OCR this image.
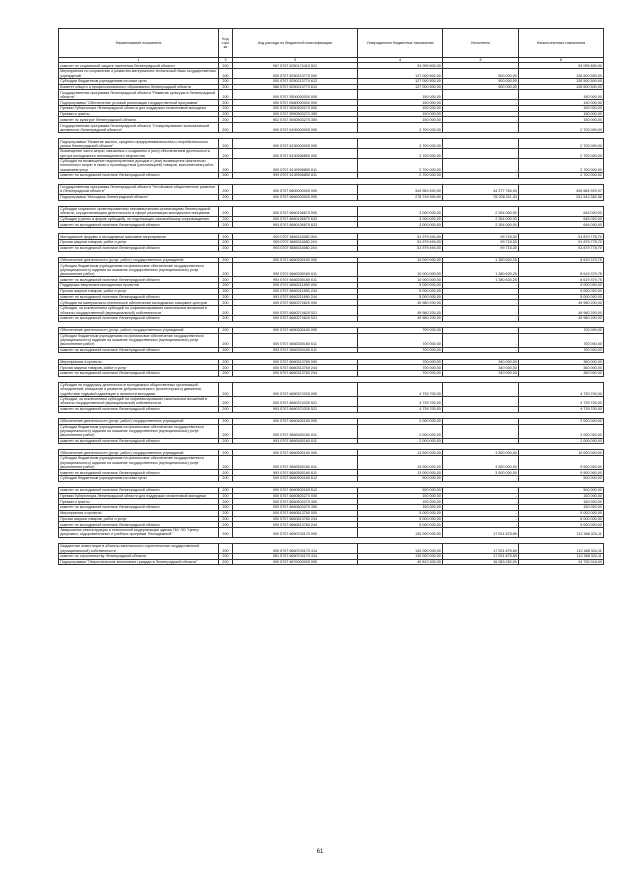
Наименование показателя	Код стро ки	Код расхода по бюджетной классификации	Утвержденные бюджетные назначения	Исполнено	Неисполненные назначения
1	2	3	4	5	6
комитет по социальной защите населения Ленинградской области	200	967 0707 5250174410 521	93 095 800,00	-	93 095 800,00
Мероприятия по сохранению и развитию материально-технической базы государственных учреждений	200	000 0707 5250213770 000	127 000 500,00	500 000,00	126 500 500,00
Субсидии бюджетным учреждениям на иные цели	200	000 0707 5250213770 612	127 000 500,00	500 000,00	126 500 500,00
Комитет общего и профессионального образования Ленинградской области	200	986 0707 5250213770 612	127 000 500,00	500 000,00	126 500 500,00
Государственная программа Ленинградской области "Развитие культуры в Ленинградской области"	200	000 0707 5500000000 000	150 000,00	-	150 000,00
Подпрограмма "Обеспечение условий реализации государственной программы"	200	000 0707 5580000000 000	150 000,00	-	150 000,00
Премии Губернатора Ленинградской области для поддержки талантливой молодежи	200	000 0707 5550503270 000	150 000,00	-	150 000,00
Премии и гранты	200	000 0707 5550503270 350	150 000,00	-	150 000,00
комитет по культуре Ленинградской области	200	902 0707 5550503270 350	150 000,00	-	150 000,00
Государственная программа Ленинградской области "Стимулирование экономической активности Ленинградской области"	200	000 0707 6100000000 000	2 700 000,00	-	2 700 000,00

Подпрограмма "Развитие малого, среднего предпринимательства и потребительского рынка Ленинградской области"	200	000 0707 6130000000 000	2 700 000,00	-	2 700 000,00
Возмещение части затрат, связанных с созданием и (или) обеспечением деятельности центра молодежного инновационного творчества	200	000 0707 6130906850 000	2 700 000,00	-	2 700 000,00
Субсидии на возмещение недополученных доходов и (или) возмещение фактически понесенных затрат в связи с производством (реализацией) товаров, выполнением работ, оказанием услуг	200	000 0707 6130906850 811	2 700 000,00	-	2 700 000,00
комитет по молодежной политике Ленинградской области	200	993 0707 6130906850 811	2 700 000,00	-	2 700 000,00

Государственная программа Ленинградской области "Устойчивое общественное развитие в Ленинградской области"	200	000 0707 6600000000 000	349 962 694,00	44 277 764,00	305 684 929,97
Подпрограмма "Молодежь Ленинградской области"	200	000 0707 6660000000 000	276 749 394,00	25 206 011,44	251 543 382,56

Субсидии социально ориентированным некоммерческим организациям Ленинградской области, осуществляющим деятельность в сфере реализации молодежных инициатив	200	000 0707 6660106670 000	3 000 000,00	2 354 000,00	646 000,00
Субсидии (гранты в форме субсидий), не подлежащие казначейскому сопровождению	200	000 0707 6660106670 633	3 000 000,00	2 354 000,00	646 000,00
комитет по молодежной политике Ленинградской области	200	993 0707 6660106670 633	3 000 000,00	2 354 000,00	646 000,00

Молодежные форумы и молодежные массовые мероприятия	200	000 0707 6660111680 000	51 979 494,00	99 715,30	51 879 778,70
Прочая закупка товаров, работ и услуг	200	000 0707 6660111680 244	51 979 494,00	99 715,30	51 879 778,70
комитет по молодежной политике Ленинградской области	200	993 0707 6660111680 244	51 979 494,00	99 715,30	51 879 778,70

Обеспечение деятельности (услуг, работ) государственных учреждений	200	000 0707 6660200160 000	10 000 000,00	1 380 620,25	8 619 379,75
Субсидии бюджетным учреждениям на финансовое обеспечение государственного (муниципального) задания на оказание государственных (муниципальных) услуг (выполнение работ)	200	000 0707 6660200160 611	10 000 000,00	1 380 620,25	8 619 379,75
комитет по молодежной политике Ленинградской области	200	993 0707 6660200160 611	10 000 000,00	1 380 620,25	8 619 379,75
Поддержка творческих молодежных проектов	200	000 0707 6660211690 000	5 000 000,00	-	5 000 000,00
Прочая закупка товаров, работ и услуг	200	000 0707 6660211690 244	5 000 000,00	-	5 000 000,00
комитет по молодежной политике Ленинградской области	200	993 0707 6660211690 244	5 000 000,00	-	5 000 000,00
Субсидии на материально-техническое обеспечение молодежных коворкинг-центров	200	000 0707 6660274620 000	49 980 200,00	-	49 980 200,00
Субсидии, за исключением субсидий на софинансирование капитальных вложений в объекты государственной (муниципальной) собственности	200	000 0707 6660274620 521	49 980 200,00	-	49 980 200,00
комитет по молодежной политике Ленинградской области	200	993 0707 6660274620 521	49 980 200,00	-	49 980 200,00

Обеспечение деятельности (услуг, работ) государственных учреждений	200	000 0707 6660300160 000	700 000,00	-	700 000,00
Субсидии бюджетным учреждениям на финансовое обеспечение государственного (муниципального) задания на оказание государственных (муниципальных) услуг (выполнение работ)	200	000 0707 6660300160 611	700 000,00	-	700 000,00
комитет по молодежной политике Ленинградской области	200	993 0707 6660300160 611	700 000,00	-	700 000,00

Мероприятия и проекты	200	000 0707 6660313760 000	700 000,00	340 000,00	360 000,00
Прочая закупка товаров, работ и услуг	200	000 0707 6660313760 244	700 000,00	340 000,00	360 000,00
комитет по молодежной политике Ленинградской области	200	993 0707 6660313760 244	700 000,00	340 000,00	360 000,00

Субсидии на поддержку деятельности молодежных общественных организаций, объединений, инициатив и развитие добровольческого (волонтерского) движения, содействия трудовой адаптации и занятости молодежи	200	000 0707 6660374330 000	4 739 700,00	-	4 739 700,00
Субсидии, за исключением субсидий на софинансирование капитальных вложений в объекты государственной (муниципальной) собственности	200	000 0707 6660374330 521	4 739 700,00	-	4 739 700,00
комитет по молодежной политике Ленинградской области	200	993 0707 6660374330 521	4 739 700,00	-	4 739 700,00

Обеспечение деятельности (услуг, работ) государственных учреждений	200	000 0707 6660400160 000	2 000 000,00	-	2 000 000,00
Субсидии бюджетным учреждениям на финансовое обеспечение государственного (муниципального) задания на оказание государственных (муниципальных) услуг (выполнение работ)	200	000 0707 6660400160 611	2 000 000,00	-	2 000 000,00
комитет по молодежной политике Ленинградской области	200	993 0707 6660400160 611	2 000 000,00	-	2 000 000,00

Обеспечение деятельности (услуг, работ) государственных учреждений	200	000 0707 6660500160 000	13 500 000,00	3 500 000,00	10 000 000,00
Субсидии бюджетным учреждениям на финансовое обеспечение государственного (муниципального) задания на оказание государственных (муниципальных) услуг (выполнение работ)	200	000 0707 6660500160 611	13 000 000,00	3 500 000,00	9 500 000,00
комитет по молодежной политике Ленинградской области	200	993 0707 6660500160 611	13 000 000,00	3 500 000,00	9 500 000,00
Субсидии бюджетным учреждениям на иные цели	200	000 0707 6660500160 612	500 000,00	-	500 000,00

комитет по молодежной политике Ленинградской области	200	993 0707 6660500160 612	500 000,00	-	500 000,00
Премии Губернатора Ленинградской области для поддержки талантливой молодежи	200	000 0707 6660603270 000	150 000,00	-	150 000,00
Премии и гранты	200	000 0707 6660603270 350	150 000,00	-	150 000,00
комитет по молодежной политике Ленинградской области	200	993 0707 6660603270 350	150 000,00	-	150 000,00
Мероприятия и проекты	200	000 0707 6660613760 000	5 000 000,00	-	5 000 000,00
Прочая закупка товаров, работ и услуг	200	000 0707 6660613760 244	5 000 000,00	-	5 000 000,00
комитет по молодежной политике Ленинградской области	200	993 0707 6660613760 244	5 000 000,00	-	5 000 000,00
Завершение реконструкции и технической модернизации здания ГБУ ЛО "Центр досуговых, оздоровительных и учебных программ "Молодежный"	200	000 0707 6660704170 000	130 000 000,00	17 531 675,89	112 468 324,11

Бюджетные инвестиции в объекты капитального строительства государственной (муниципальной) собственности	200	000 0707 6660704170 414	130 000 000,00	17 531 675,89	112 468 324,11
комитет по строительству Ленинградской области	200	981 0707 6660704170 414	130 000 000,00	17 531 675,89	112 468 324,11
Подпрограмма "Патриотическое воспитание граждан в Ленинградской области"	200	000 0707 6670000000 000	40 813 300,00	16 083 282,00	24 730 018,00
61
